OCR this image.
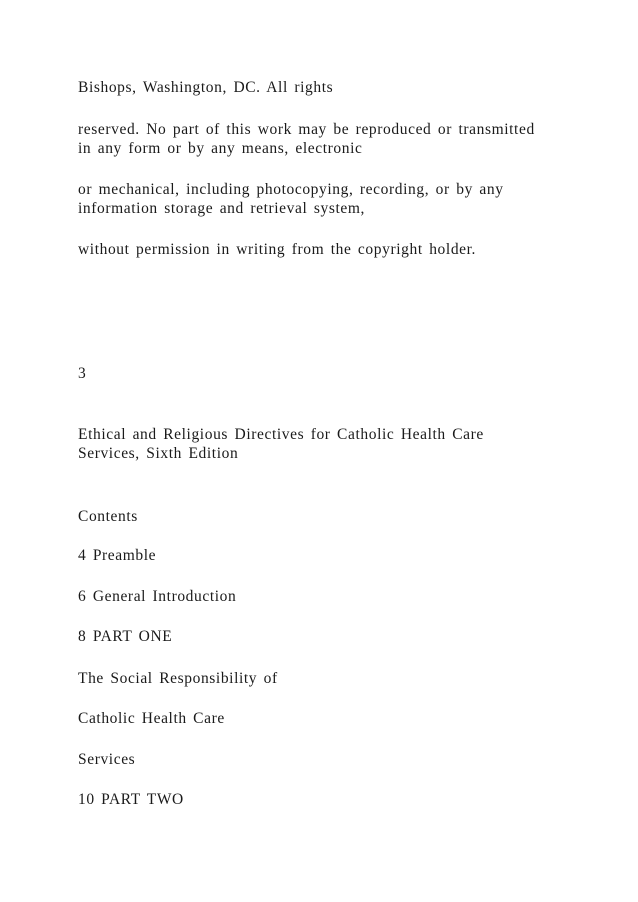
Bishops, Washington, DC. All rights
reserved. No part of this work may be reproduced or transmitted
in any form or by any means, electronic
or mechanical, including photocopying, recording, or by any
information storage and retrieval system,
without permission in writing from the copyright holder.
3
Ethical and Religious Directives for Catholic Health Care
Services, Sixth Edition
Contents
4 Preamble
6 General Introduction
8 PART ONE
The Social Responsibility of
Catholic Health Care
Services
10 PART TWO
